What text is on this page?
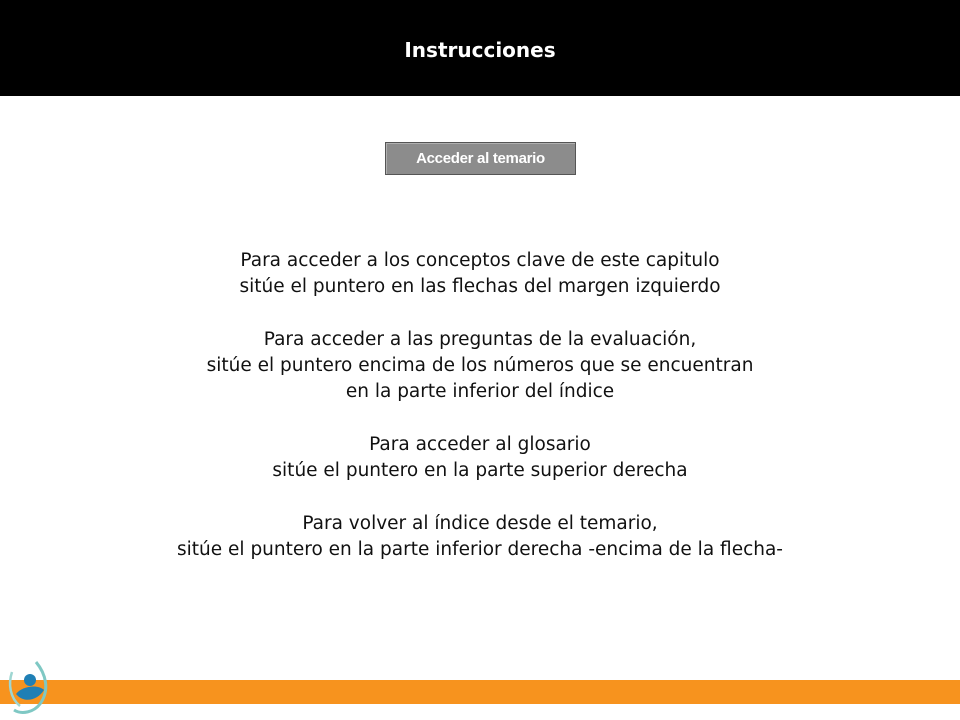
Instrucciones
Acceder al temario
Para acceder a los conceptos clave de este capitulo
sitúe el puntero en las flechas del margen izquierdo
Para acceder a las preguntas de la evaluación,
sitúe el puntero encima de los números que se encuentran
en la parte inferior del índice
Para acceder al glosario
sitúe el puntero en la parte superior derecha
Para volver al índice desde el temario,
sitúe el puntero en la parte inferior derecha -encima de la flecha-
